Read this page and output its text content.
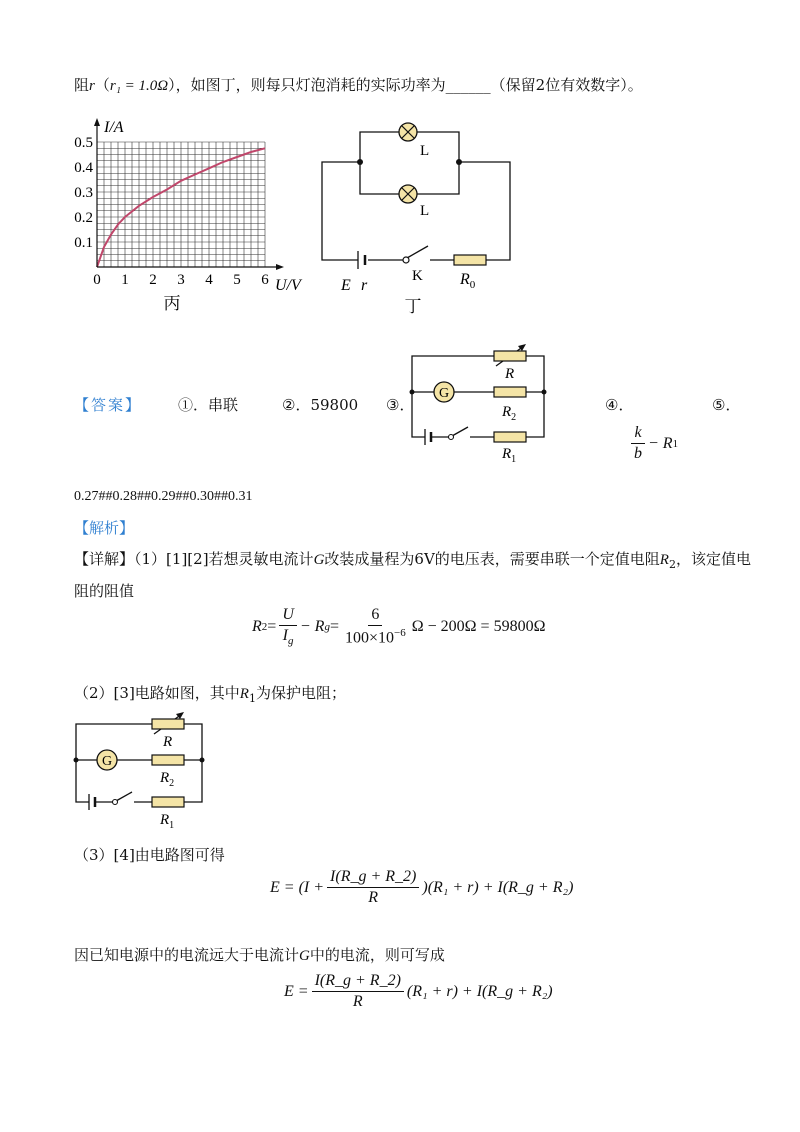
阻r（r₁ = 1.0Ω），如图丁，则每只灯泡消耗的实际功率为______（保留2位有效数字）。
0 1 2 3 4 5 6
0.1
0.2
0.3
0.4
0.5
I/A
U/V
丙
L
L
E r
K $R_0$
丁
【答案】 ①．串联	②．59800 ③．	④．	⑤．
G
R
$R_2$
$R_1$	$\frac{k}{b} - R$ 1
0.27##0.28##0.29##0.30##0.31
【解析】
【详解】（1）[1][2]若想灵敏电流计G改装成量程为6V的电压表，需要串联一个定值电阻$R_2$，该定值电
阻的阻值
R $2 = \frac{U}{I_g} - R$ $g = \frac{6}{100\times 10^{-6}}$ Ω − 200Ω = 59800Ω
（2）[3]电路如图，其中$R_1$为保护电阻；
G
R
$R_2$
$R_1$
（3）[4]由电路图可得
$E = (I + \frac{I(R\_g + R\_2)}{R} )(R_1 + r)$ + I(R_g + R₂)
因已知电源中的电流远大于电流计G中的电流，则可写成
$E = \frac{I(R\_g + R\_2)}{R} (R_1 + r)$ + I(R_g + R₂)
